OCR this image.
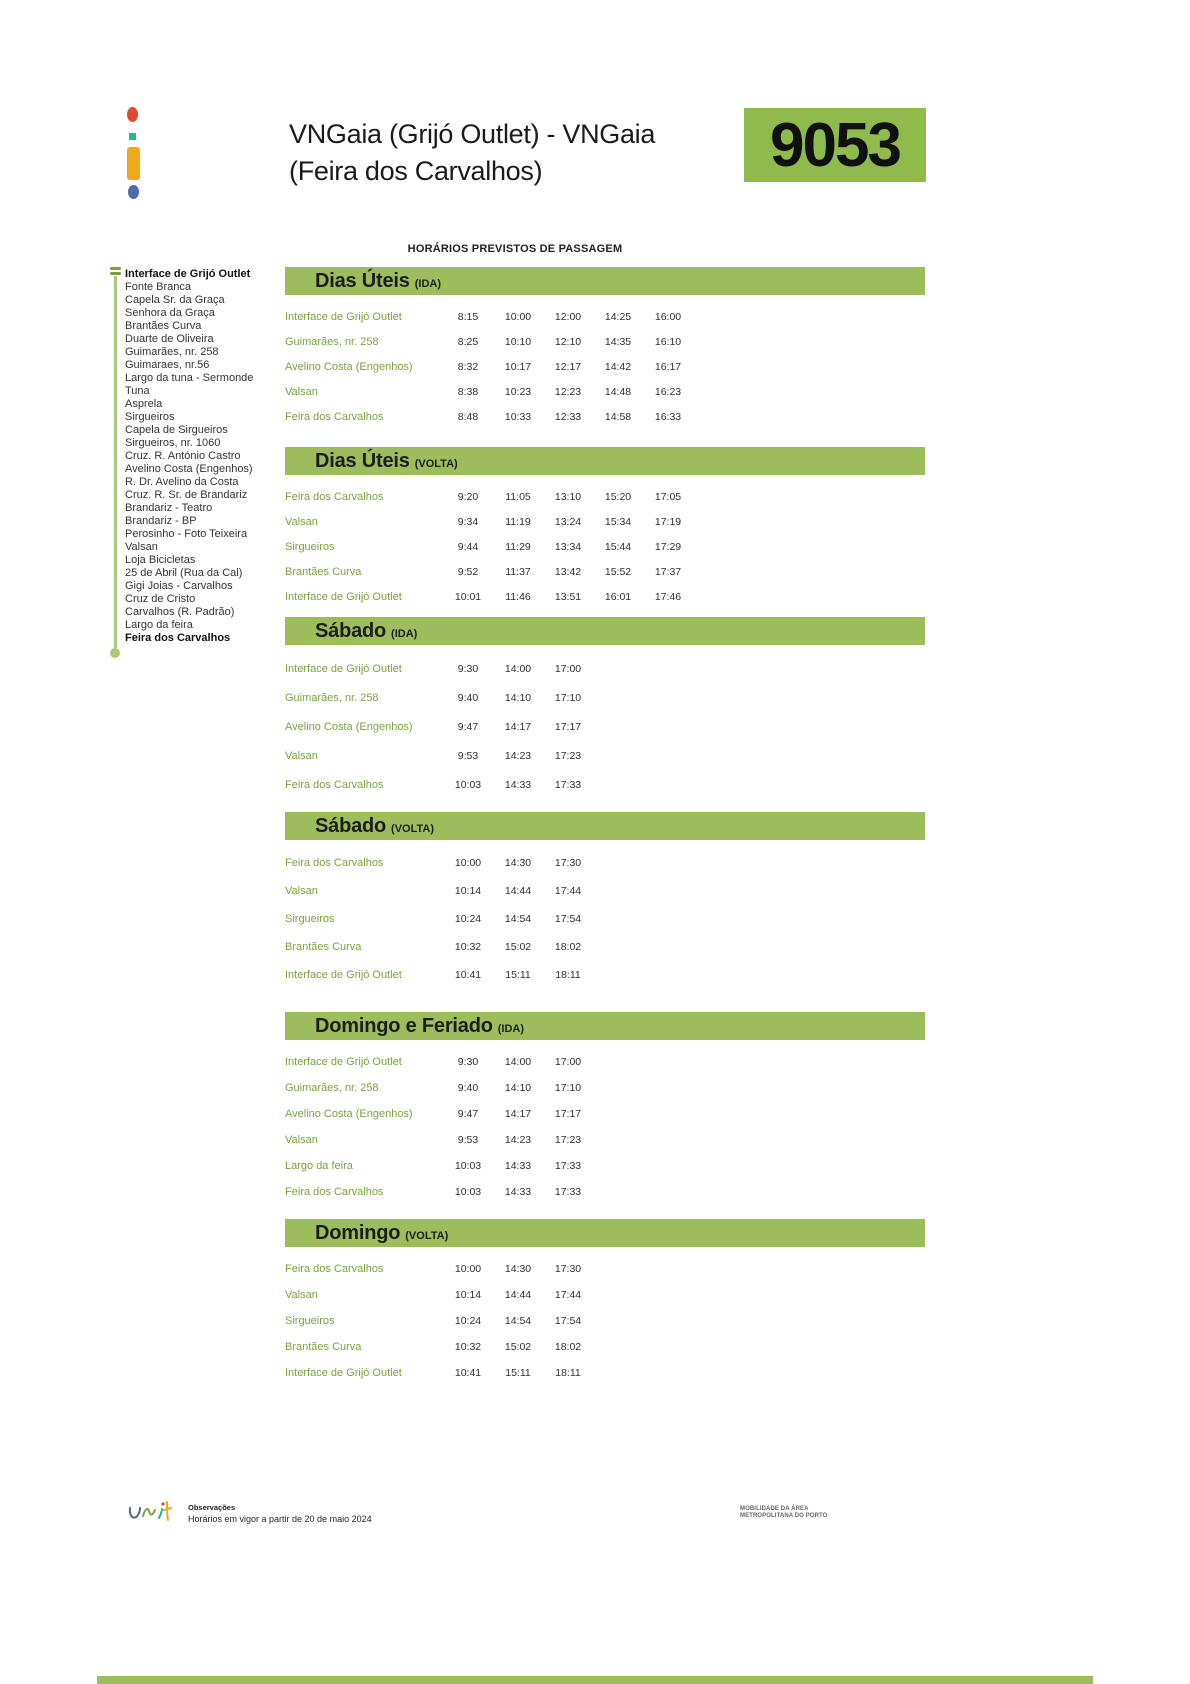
VNGaia (Grijó Outlet) - VNGaia
(Feira dos Carvalhos)	9053
HORÁRIOS PREVISTOS DE PASSAGEM
Interface de Grijó Outlet
Fonte Branca
Capela Sr. da Graça
Senhora da Graça
Brantães Curva
Duarte de Oliveira
Guimarães, nr. 258
Guimaraes, nr.56
Largo da tuna - Sermonde
Tuna
Asprela
Sirgueiros
Capela de Sirgueiros
Sirgueiros, nr. 1060
Cruz. R. António Castro
Avelino Costa (Engenhos)
R. Dr. Avelino da Costa
Cruz. R. Sr. de Brandariz
Brandariz - Teatro
Brandariz - BP
Perosinho - Foto Teixeira
Valsan
Loja Bicicletas
25 de Abril (Rua da Cal)
Gigi Joias - Carvalhos
Cruz de Cristo
Carvalhos (R. Padrão)
Largo da feira
Feira dos Carvalhos
Dias Úteis (IDA)
Interface de Grijó Outlet	8:15	10:00	12:00	14:25	16:00
Guimarães, nr. 258	8:25	10:10	12:10	14:35	16:10
Avelino Costa (Engenhos)	8:32	10:17	12:17	14:42	16:17
Valsan	8:38	10:23	12:23	14:48	16:23
Feira dos Carvalhos	8:48	10:33	12:33	14:58	16:33
Dias Úteis (VOLTA)
Feira dos Carvalhos	9:20	11:05	13:10	15:20	17:05
Valsan	9:34	11:19	13:24	15:34	17:19
Sirgueiros	9:44	11:29	13:34	15:44	17:29
Brantães Curva	9:52	11:37	13:42	15:52	17:37
Interface de Grijó Outlet	10:01	11:46	13:51	16:01	17:46
Sábado (IDA)
Interface de Grijó Outlet	9:30	14:00	17:00
Guimarães, nr. 258	9:40	14:10	17:10
Avelino Costa (Engenhos)	9:47	14:17	17:17
Valsan	9:53	14:23	17:23
Feira dos Carvalhos	10:03	14:33	17:33
Sábado (VOLTA)
Feira dos Carvalhos	10:00	14:30	17:30
Valsan	10:14	14:44	17:44
Sirgueiros	10:24	14:54	17:54
Brantães Curva	10:32	15:02	18:02
Interface de Grijó Outlet	10:41	15:11	18:11
Domingo e Feriado (IDA)
Interface de Grijó Outlet	9:30	14:00	17:00
Guimarães, nr. 258	9:40	14:10	17:10
Avelino Costa (Engenhos)	9:47	14:17	17:17
Valsan	9:53	14:23	17:23
Largo da feira	10:03	14:33	17:33
Feira dos Carvalhos	10:03	14:33	17:33
Domingo (VOLTA)
Feira dos Carvalhos	10:00	14:30	17:30
Valsan	10:14	14:44	17:44
Sirgueiros	10:24	14:54	17:54
Brantães Curva	10:32	15:02	18:02
Interface de Grijó Outlet	10:41	15:11	18:11
Observações
Horários em vigor a partir de 20 de maio 2024
MOBILIDADE DA ÁREA
METROPOLITANA DO PORTO
